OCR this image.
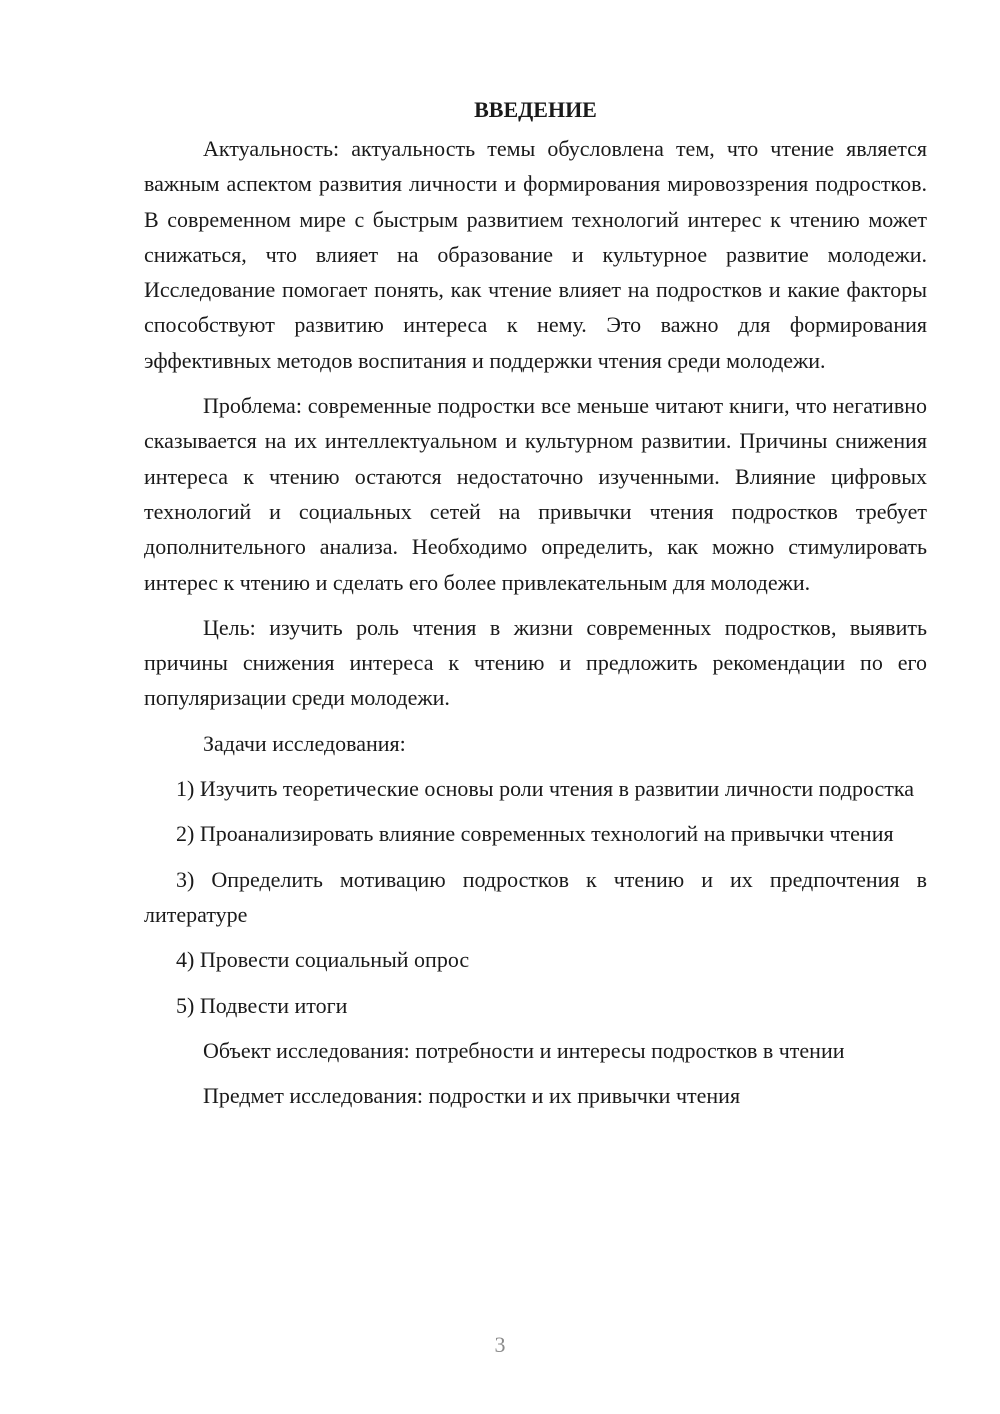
ВВЕДЕНИЕ

Актуальность: актуальность темы обусловлена тем, что чтение является важным аспектом развития личности и формирования мировоззрения подростков. В современном мире с быстрым развитием технологий интерес к чтению может снижаться, что влияет на образование и культурное развитие молодежи. Исследование помогает понять, как чтение влияет на подростков и какие факторы способствуют развитию интереса к нему. Это важно для формирования эффективных методов воспитания и поддержки чтения среди молодежи.

Проблема: современные подростки все меньше читают книги, что негативно сказывается на их интеллектуальном и культурном развитии. Причины снижения интереса к чтению остаются недостаточно изученными. Влияние цифровых технологий и социальных сетей на привычки чтения подростков требует дополнительного анализа. Необходимо определить, как можно стимулировать интерес к чтению и сделать его более привлекательным для молодежи.

Цель: изучить роль чтения в жизни современных подростков, выявить причины снижения интереса к чтению и предложить рекомендации по его популяризации среди молодежи.

Задачи исследования:

1) Изучить теоретические основы роли чтения в развитии личности подростка

2) Проанализировать влияние современных технологий на привычки чтения

3) Определить мотивацию подростков к чтению и их предпочтения в литературе

4) Провести социальный опрос

5) Подвести итоги

Объект исследования: потребности и интересы подростков в чтении

Предмет исследования: подростки и их привычки чтения

3
